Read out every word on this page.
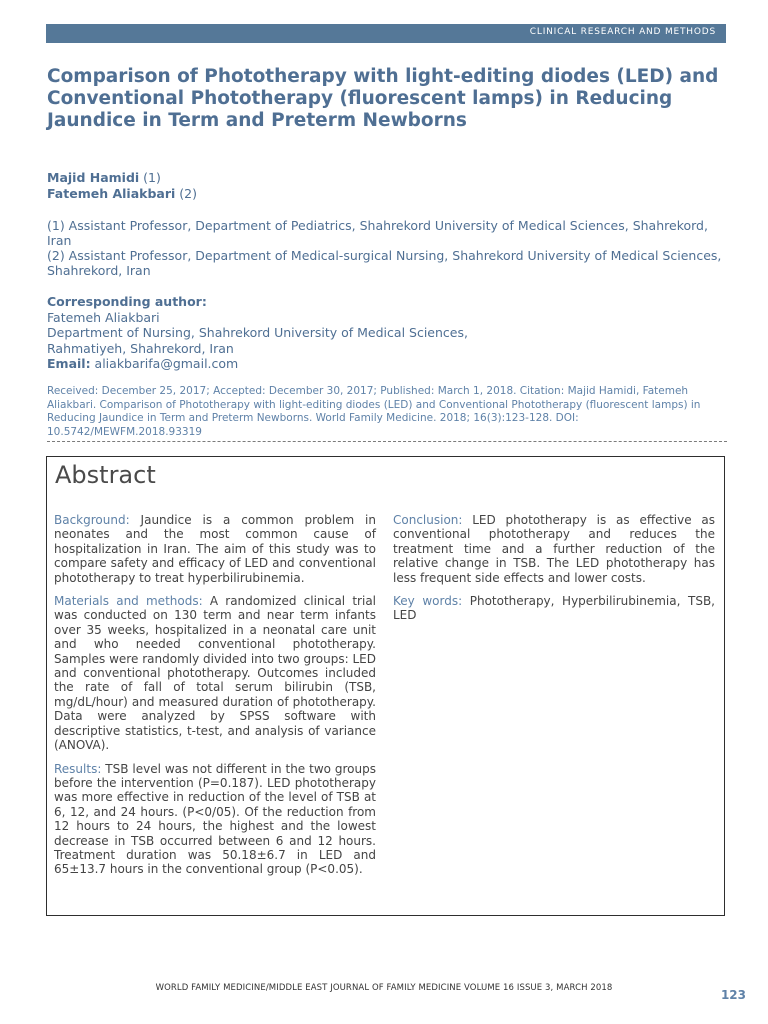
CLINICAL RESEARCH AND METHODS
Comparison of Phototherapy with light-editing diodes (LED) and Conventional Phototherapy (fluorescent lamps) in Reducing Jaundice in Term and Preterm Newborns
Majid Hamidi (1)
Fatemeh Aliakbari (2)

(1) Assistant Professor, Department of Pediatrics, Shahrekord University of Medical Sciences, Shahrekord, Iran

(2) Assistant Professor, Department of Medical-surgical Nursing, Shahrekord University of Medical Sciences, Shahrekord, Iran

Corresponding author:

Fatemeh Aliakbari

Department of Nursing, Shahrekord University of Medical Sciences,

Rahmatiyeh, Shahrekord, Iran

Email: aliakbarifa@gmail.com

Received: December 25, 2017; Accepted: December 30, 2017; Published: March 1, 2018. Citation: Majid Hamidi, Fatemeh Aliakbari. Comparison of Phototherapy with light-editing diodes (LED) and Conventional Phototherapy (fluorescent lamps) in Reducing Jaundice in Term and Preterm Newborns. World Family Medicine. 2018; 16(3):123-128. DOI: 10.5742/MEWFM.2018.93319

Abstract

Background: Jaundice is a common problem in neonates and the most common cause of hospitalization in Iran. The aim of this study was to compare safety and efficacy of LED and conventional phototherapy to treat hyperbilirubinemia.

Materials and methods: A randomized clinical trial was conducted on 130 term and near term infants over 35 weeks, hospitalized in a neonatal care unit and who needed conventional phototherapy. Samples were randomly divided into two groups: LED and conventional phototherapy. Outcomes included the rate of fall of total serum bilirubin (TSB, mg/dL/hour) and measured duration of phototherapy. Data were analyzed by SPSS software with descriptive statistics, t-test, and analysis of variance (ANOVA).

Results: TSB level was not different in the two groups before the intervention (P=0.187). LED phototherapy was more effective in reduction of the level of TSB at 6, 12, and 24 hours. (P<0/05). Of the reduction from 12 hours to 24 hours, the highest and the lowest decrease in TSB occurred between 6 and 12 hours. Treatment duration was 50.18±6.7 in LED and 65±13.7 hours in the conventional group (P<0.05).

Conclusion: LED phototherapy is as effective as conventional phototherapy and reduces the treatment time and a further reduction of the relative change in TSB. The LED phototherapy has less frequent side effects and lower costs.

Key words: Phototherapy, Hyperbilirubinemia, TSB, LED

WORLD FAMILY MEDICINE/MIDDLE EAST JOURNAL OF FAMILY MEDICINE VOLUME 16 ISSUE 3, MARCH 2018	123
